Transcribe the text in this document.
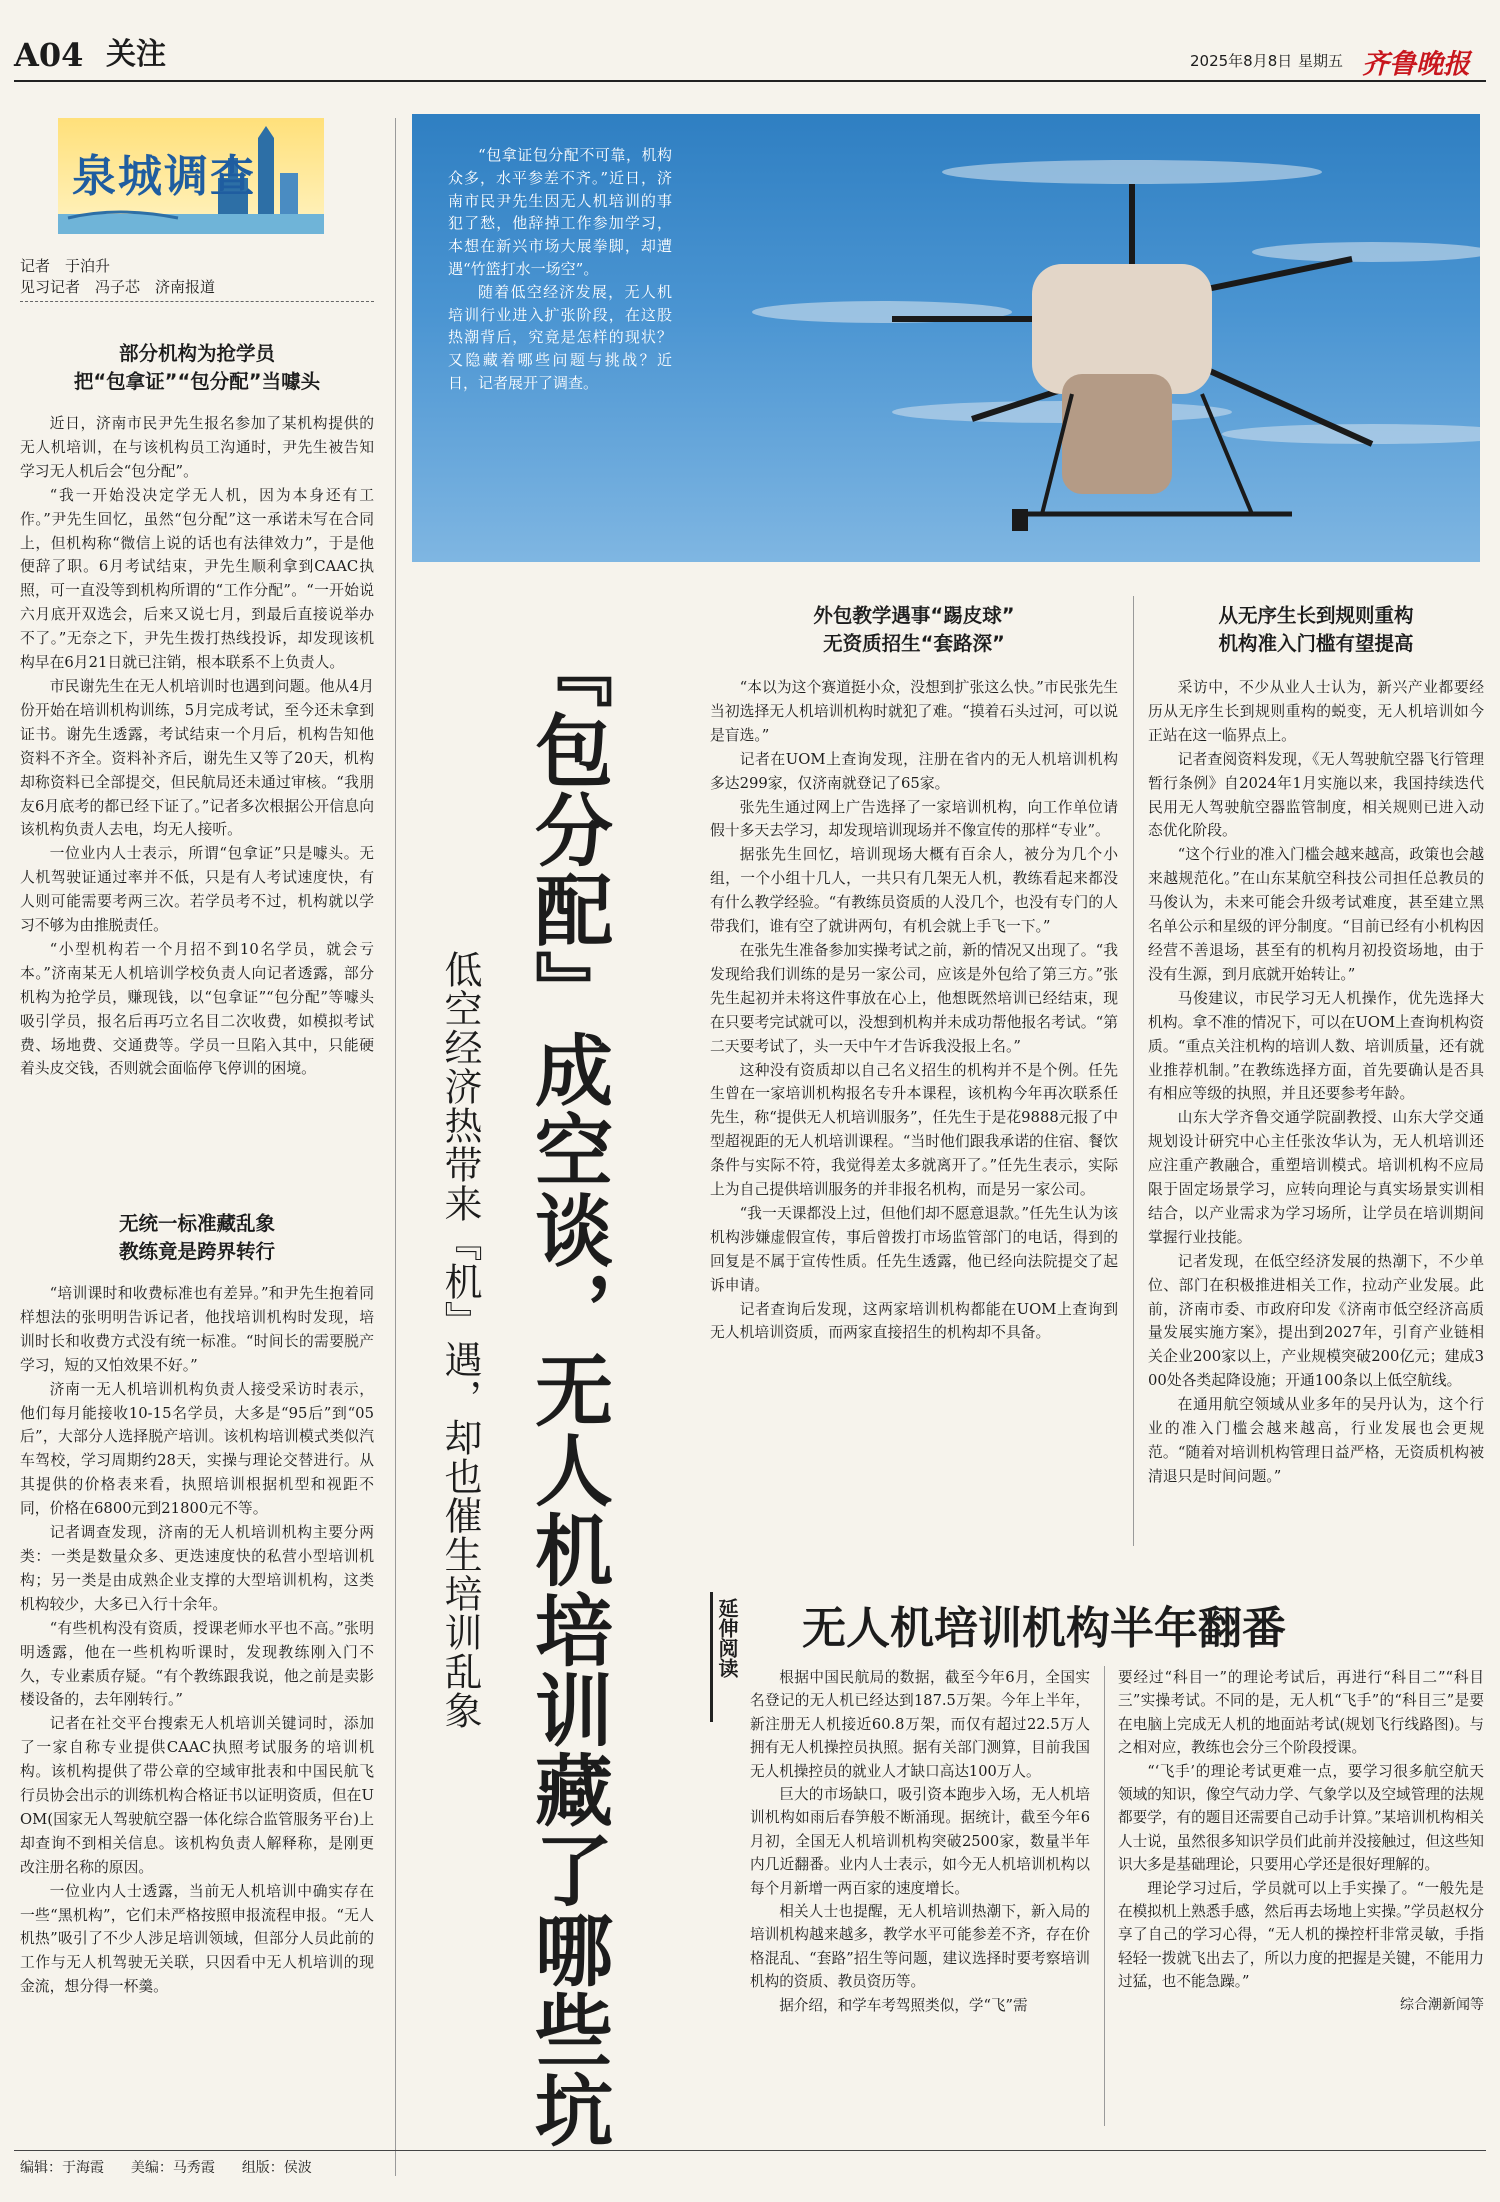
A04 关注	2025年8月8日 星期五 齐鲁晚报
泉城调查
记者　于泊升
见习记者　冯子芯　济南报道

“包拿证包分配不可靠，机构众多，水平参差不齐。”近日，济南市民尹先生因无人机培训的事犯了愁，他辞掉工作参加学习，本想在新兴市场大展拳脚，却遭遇“竹篮打水一场空”。

随着低空经济发展，无人机培训行业进入扩张阶段，在这股热潮背后，究竟是怎样的现状？又隐藏着哪些问题与挑战？近日，记者展开了调查。

『包分配』成空谈，无人机培训藏了哪些坑
低空经济热带来『机』遇，却也催生培训乱象
部分机构为抢学员
把“包拿证”“包分配”当噱头

近日，济南市民尹先生报名参加了某机构提供的无人机培训，在与该机构员工沟通时，尹先生被告知学习无人机后会“包分配”。

“我一开始没决定学无人机，因为本身还有工作。”尹先生回忆，虽然“包分配”这一承诺未写在合同上，但机构称“微信上说的话也有法律效力”，于是他便辞了职。6月考试结束，尹先生顺利拿到CAAC执照，可一直没等到机构所谓的“工作分配”。“一开始说六月底开双选会，后来又说七月，到最后直接说举办不了。”无奈之下，尹先生拨打热线投诉，却发现该机构早在6月21日就已注销，根本联系不上负责人。

市民谢先生在无人机培训时也遇到问题。他从4月份开始在培训机构训练，5月完成考试，至今还未拿到证书。谢先生透露，考试结束一个月后，机构告知他资料不齐全。资料补齐后，谢先生又等了20天，机构却称资料已全部提交，但民航局还未通过审核。“我朋友6月底考的都已经下证了。”记者多次根据公开信息向该机构负责人去电，均无人接听。

一位业内人士表示，所谓“包拿证”只是噱头。无人机驾驶证通过率并不低，只是有人考试速度快，有人则可能需要考两三次。若学员考不过，机构就以学习不够为由推脱责任。

“小型机构若一个月招不到10名学员，就会亏本。”济南某无人机培训学校负责人向记者透露，部分机构为抢学员，赚现钱，以“包拿证”“包分配”等噱头吸引学员，报名后再巧立名目二次收费，如模拟考试费、场地费、交通费等。学员一旦陷入其中，只能硬着头皮交钱，否则就会面临停飞停训的困境。

无统一标准藏乱象
教练竟是跨界转行

“培训课时和收费标准也有差异。”和尹先生抱着同样想法的张明明告诉记者，他找培训机构时发现，培训时长和收费方式没有统一标准。“时间长的需要脱产学习，短的又怕效果不好。”

济南一无人机培训机构负责人接受采访时表示，他们每月能接收10-15名学员，大多是“95后”到“05后”，大部分人选择脱产培训。该机构培训模式类似汽车驾校，学习周期约28天，实操与理论交替进行。从其提供的价格表来看，执照培训根据机型和视距不同，价格在6800元到21800元不等。

记者调查发现，济南的无人机培训机构主要分两类：一类是数量众多、更迭速度快的私营小型培训机构；另一类是由成熟企业支撑的大型培训机构，这类机构较少，大多已入行十余年。

“有些机构没有资质，授课老师水平也不高。”张明明透露，他在一些机构听课时，发现教练刚入门不久，专业素质存疑。“有个教练跟我说，他之前是卖影楼设备的，去年刚转行。”

记者在社交平台搜索无人机培训关键词时，添加了一家自称专业提供CAAC执照考试服务的培训机构。该机构提供了带公章的空域审批表和中国民航飞行员协会出示的训练机构合格证书以证明资质，但在UOM(国家无人驾驶航空器一体化综合监管服务平台)上却查询不到相关信息。该机构负责人解释称，是刚更改注册名称的原因。

一位业内人士透露，当前无人机培训中确实存在一些“黑机构”，它们未严格按照申报流程申报。“无人机热”吸引了不少人涉足培训领域，但部分人员此前的工作与无人机驾驶无关联，只因看中无人机培训的现金流，想分得一杯羹。

外包教学遇事“踢皮球”
无资质招生“套路深”

“本以为这个赛道挺小众，没想到扩张这么快。”市民张先生当初选择无人机培训机构时就犯了难。“摸着石头过河，可以说是盲选。”

记者在UOM上查询发现，注册在省内的无人机培训机构多达299家，仅济南就登记了65家。

张先生通过网上广告选择了一家培训机构，向工作单位请假十多天去学习，却发现培训现场并不像宣传的那样“专业”。

据张先生回忆，培训现场大概有百余人，被分为几个小组，一个小组十几人，一共只有几架无人机，教练看起来都没有什么教学经验。“有教练员资质的人没几个，也没有专门的人带我们，谁有空了就讲两句，有机会就上手飞一下。”

在张先生准备参加实操考试之前，新的情况又出现了。“我发现给我们训练的是另一家公司，应该是外包给了第三方。”张先生起初并未将这件事放在心上，他想既然培训已经结束，现在只要考完试就可以，没想到机构并未成功帮他报名考试。“第二天要考试了，头一天中午才告诉我没报上名。”

这种没有资质却以自己名义招生的机构并不是个例。任先生曾在一家培训机构报名专升本课程，该机构今年再次联系任先生，称“提供无人机培训服务”，任先生于是花9888元报了中型超视距的无人机培训课程。“当时他们跟我承诺的住宿、餐饮条件与实际不符，我觉得差太多就离开了。”任先生表示，实际上为自己提供培训服务的并非报名机构，而是另一家公司。

“我一天课都没上过，但他们却不愿意退款。”任先生认为该机构涉嫌虚假宣传，事后曾拨打市场监管部门的电话，得到的回复是不属于宣传性质。任先生透露，他已经向法院提交了起诉申请。

记者查询后发现，这两家培训机构都能在UOM上查询到无人机培训资质，而两家直接招生的机构却不具备。

从无序生长到规则重构
机构准入门槛有望提高

采访中，不少从业人士认为，新兴产业都要经历从无序生长到规则重构的蜕变，无人机培训如今正站在这一临界点上。

记者查阅资料发现，《无人驾驶航空器飞行管理暂行条例》自2024年1月实施以来，我国持续迭代民用无人驾驶航空器监管制度，相关规则已进入动态优化阶段。

“这个行业的准入门槛会越来越高，政策也会越来越规范化。”在山东某航空科技公司担任总教员的马俊认为，未来可能会升级考试难度，甚至建立黑名单公示和星级的评分制度。“目前已经有小机构因经营不善退场，甚至有的机构月初投资场地，由于没有生源，到月底就开始转让。”

马俊建议，市民学习无人机操作，优先选择大机构。拿不准的情况下，可以在UOM上查询机构资质。“重点关注机构的培训人数、培训质量，还有就业推荐机制。”在教练选择方面，首先要确认是否具有相应等级的执照，并且还要参考年龄。

山东大学齐鲁交通学院副教授、山东大学交通规划设计研究中心主任张汝华认为，无人机培训还应注重产教融合，重塑培训模式。培训机构不应局限于固定场景学习，应转向理论与真实场景实训相结合，以产业需求为学习场所，让学员在培训期间掌握行业技能。

记者发现，在低空经济发展的热潮下，不少单位、部门在积极推进相关工作，拉动产业发展。此前，济南市委、市政府印发《济南市低空经济高质量发展实施方案》，提出到2027年，引育产业链相关企业200家以上，产业规模突破200亿元；建成300处各类起降设施；开通100条以上低空航线。

在通用航空领域从业多年的吴丹认为，这个行业的准入门槛会越来越高，行业发展也会更规范。“随着对培训机构管理日益严格，无资质机构被清退只是时间问题。”

延伸阅读 无人机培训机构半年翻番

根据中国民航局的数据，截至今年6月，全国实名登记的无人机已经达到187.5万架。今年上半年，新注册无人机接近60.8万架，而仅有超过22.5万人拥有无人机操控员执照。据有关部门测算，目前我国无人机操控员的就业人才缺口高达100万人。

巨大的市场缺口，吸引资本跑步入场，无人机培训机构如雨后春笋般不断涌现。据统计，截至今年6月初，全国无人机培训机构突破2500家，数量半年内几近翻番。业内人士表示，如今无人机培训机构以每个月新增一两百家的速度增长。

相关人士也提醒，无人机培训热潮下，新入局的培训机构越来越多，教学水平可能参差不齐，存在价格混乱、“套路”招生等问题，建议选择时要考察培训机构的资质、教员资历等。

据介绍，和学车考驾照类似，学“飞”需

要经过“科目一”的理论考试后，再进行“科目二”“科目三”实操考试。不同的是，无人机“飞手”的“科目三”是要在电脑上完成无人机的地面站考试(规划飞行线路图)。与之相对应，教练也会分三个阶段授课。

“‘飞手’的理论考试更难一点，要学习很多航空航天领域的知识，像空气动力学、气象学以及空域管理的法规都要学，有的题目还需要自己动手计算。”某培训机构相关人士说，虽然很多知识学员们此前并没接触过，但这些知识大多是基础理论，只要用心学还是很好理解的。

理论学习过后，学员就可以上手实操了。“一般先是在模拟机上熟悉手感，然后再去场地上实操。”学员赵权分享了自己的学习心得，“无人机的操控杆非常灵敏，手指轻轻一拨就飞出去了，所以力度的把握是关键，不能用力过猛，也不能急躁。”

综合潮新闻等
编辑：于海霞 美编：马秀霞 组版：侯波
